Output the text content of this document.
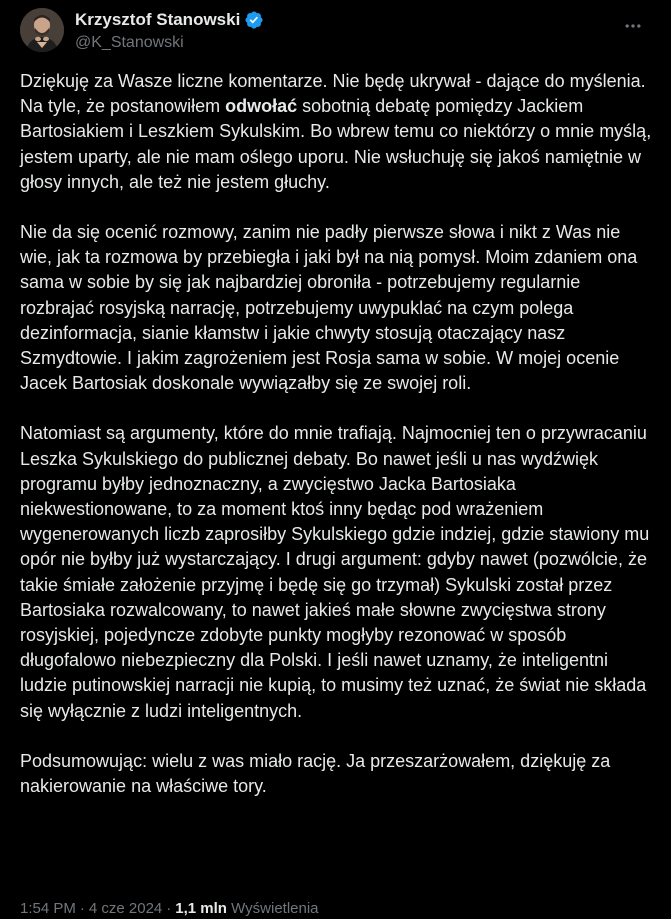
Krzysztof Stanowski
@K_Stanowski

Dziękuję za Wasze liczne komentarze. Nie będę ukrywał - dające do myślenia. Na tyle, że postanowiłem odwołać sobotnią debatę pomiędzy Jackiem Bartosiakiem i Leszkiem Sykulskim. Bo wbrew temu co niektórzy o mnie myślą, jestem uparty, ale nie mam oślego uporu. Nie wsłuchuję się jakoś namiętnie w głosy innych, ale też nie jestem głuchy.

Nie da się ocenić rozmowy, zanim nie padły pierwsze słowa i nikt z Was nie wie, jak ta rozmowa by przebiegła i jaki był na nią pomysł. Moim zdaniem ona sama w sobie by się jak najbardziej obroniła - potrzebujemy regularnie rozbrajać rosyjską narrację, potrzebujemy uwypuklać na czym polega dezinformacja, sianie kłamstw i jakie chwyty stosują otaczający nasz Szmydtowie. I jakim zagrożeniem jest Rosja sama w sobie. W mojej ocenie Jacek Bartosiak doskonale wywiązałby się ze swojej roli.

Natomiast są argumenty, które do mnie trafiają. Najmocniej ten o przywracaniu Leszka Sykulskiego do publicznej debaty. Bo nawet jeśli u nas wydźwięk programu byłby jednoznaczny, a zwycięstwo Jacka Bartosiaka niekwestionowane, to za moment ktoś inny będąc pod wrażeniem wygenerowanych liczb zaprosiłby Sykulskiego gdzie indziej, gdzie stawiony mu opór nie byłby już wystarczający. I drugi argument: gdyby nawet (pozwólcie, że takie śmiałe założenie przyjmę i będę się go trzymał) Sykulski został przez Bartosiaka rozwalcowany, to nawet jakieś małe słowne zwycięstwa strony rosyjskiej, pojedyncze zdobyte punkty mogłyby rezonować w sposób długofalowo niebezpieczny dla Polski. I jeśli nawet uznamy, że inteligentni ludzie putinowskiej narracji nie kupią, to musimy też uznać, że świat nie składa się wyłącznie z ludzi inteligentnych.

Podsumowując: wielu z was miało rację. Ja przeszarżowałem, dziękuję za nakierowanie na właściwe tory.

1:54 PM · 4 cze 2024 · 1,1 mln Wyświetlenia
